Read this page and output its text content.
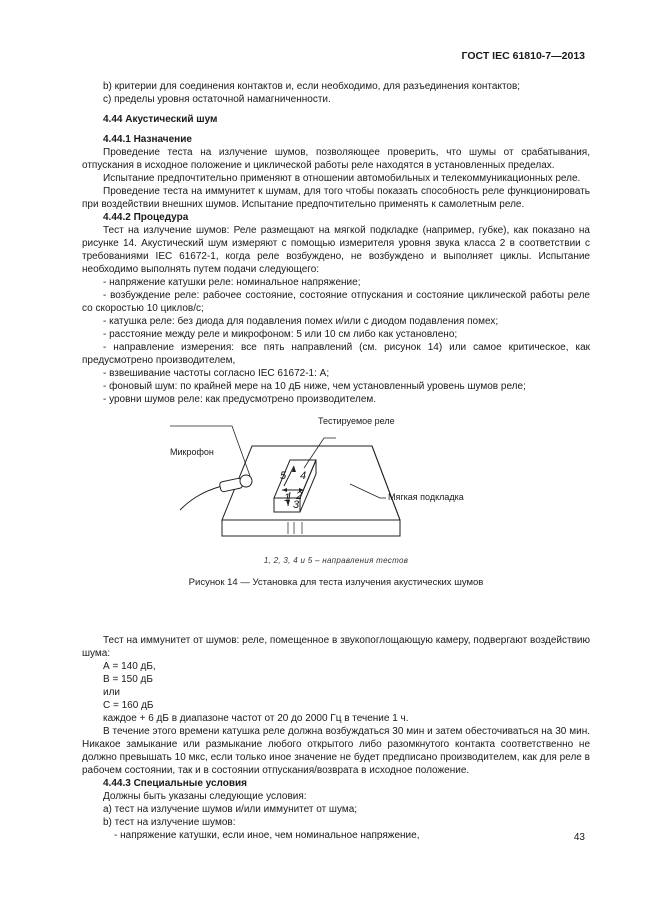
ГОСТ IEC 61810-7—2013

b) критерии для соединения контактов и, если необходимо, для разъединения контактов;

c) пределы уровня остаточной намагниченности.

4.44 Акустический шум

4.44.1 Назначение

Проведение теста на излучение шумов, позволяющее проверить, что шумы от срабатывания, отпускания в исходное положение и циклической работы реле находятся в установленных пределах.

Испытание предпочтительно применяют в отношении автомобильных и телекоммуникационных реле.

Проведение теста на иммунитет к шумам, для того чтобы показать способность реле функционировать при воздействии внешних шумов. Испытание предпочтительно применять к самолетным реле.

4.44.2 Процедура

Тест на излучение шумов: Реле размещают на мягкой подкладке (например, губке), как показано на рисунке 14. Акустический шум измеряют с помощью измерителя уровня звука класса 2 в соответствии с требованиями IEC 61672-1, когда реле возбуждено, не возбуждено и выполняет циклы. Испытание необходимо выполнять путем подачи следующего:

- напряжение катушки реле: номинальное напряжение;

- возбуждение реле: рабочее состояние, состояние отпускания и состояние циклической работы реле со скоростью 10 циклов/с;

- катушка реле: без диода для подавления помех и/или с диодом подавления помех;

- расстояние между реле и микрофоном: 5 или 10 см либо как установлено;

- направление измерения: все пять направлений (см. рисунок 14) или самое критическое, как предусмотрено производителем,

- взвешивание частоты согласно IEC 61672-1: А;

- фоновый шум: по крайней мере на 10 дБ ниже, чем установленный уровень шумов реле;

- уровни шумов реле: как предусмотрено производителем.

Тестируемое реле
Микрофон
Мягкая подкладка
5 4
1 2
3
1, 2, 3, 4 и 5 – направления тестов
Рисунок 14 — Установка для теста излучения акустических шумов

Тест на иммунитет от шумов: реле, помещенное в звукопоглощающую камеру, подвергают воздействию шума:

А = 140 дБ,

В = 150 дБ

или

С = 160 дБ

каждое + 6 дБ в диапазоне частот от 20 до 2000 Гц в течение 1 ч.

В течение этого времени катушка реле должна возбуждаться 30 мин и затем обесточиваться на 30 мин. Никакое замыкание или размыкание любого открытого либо разомкнутого контакта соответственно не должно превышать 10 мкс, если только иное значение не будет предписано производителем, как для реле в рабочем состоянии, так и в состоянии отпускания/возврата в исходное положение.

4.44.3 Специальные условия

Должны быть указаны следующие условия:

а) тест на излучение шумов и/или иммунитет от шума;

b) тест на излучение шумов:

- напряжение катушки, если иное, чем номинальное напряжение,	43
